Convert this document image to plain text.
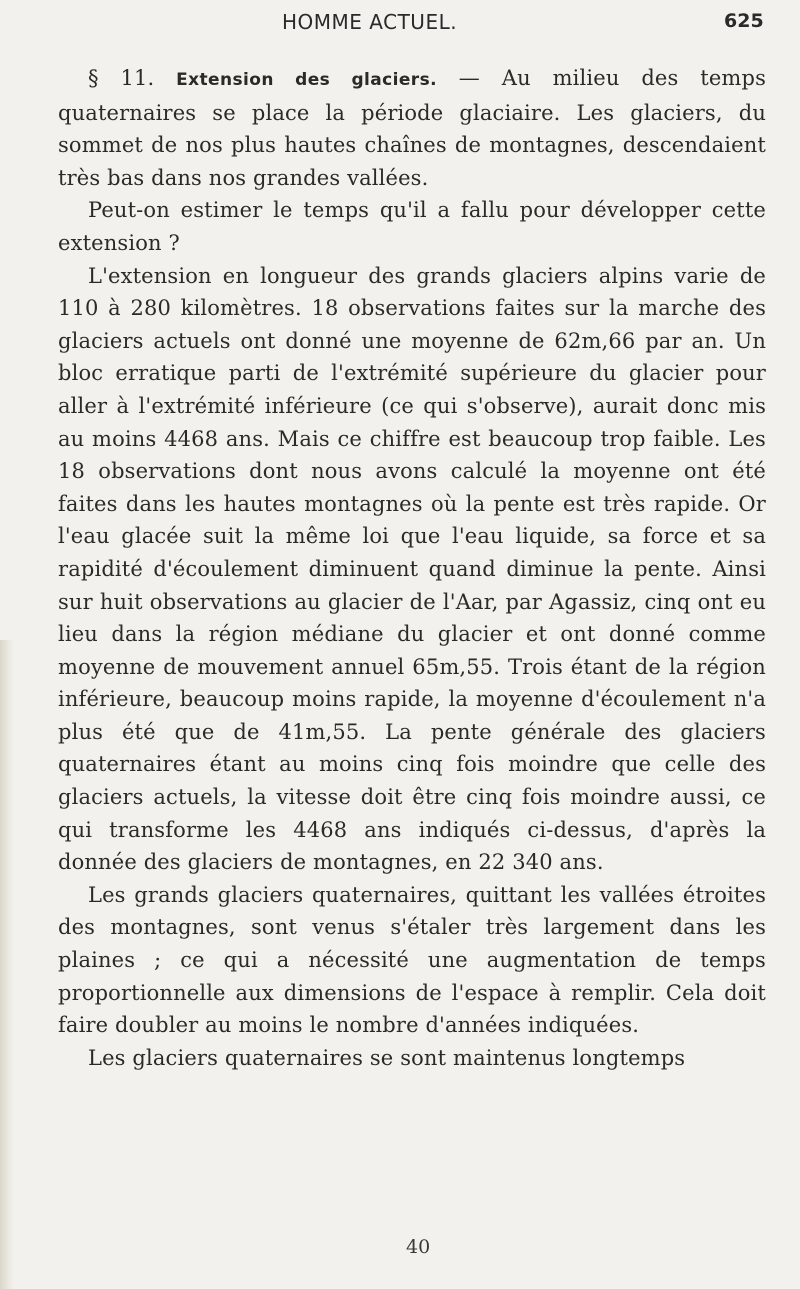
HOMME ACTUEL.	625

§ 11. Extension des glaciers. — Au milieu des temps quaternaires se place la période glaciaire. Les glaciers, du sommet de nos plus hautes chaînes de montagnes, descendaient très bas dans nos grandes vallées.

Peut-on estimer le temps qu'il a fallu pour développer cette extension ?

L'extension en longueur des grands glaciers alpins varie de 110 à 280 kilomètres. 18 observations faites sur la marche des glaciers actuels ont donné une moyenne de 62m,66 par an. Un bloc erratique parti de l'extrémité supérieure du glacier pour aller à l'extrémité inférieure (ce qui s'observe), aurait donc mis au moins 4468 ans. Mais ce chiffre est beaucoup trop faible. Les 18 observations dont nous avons calculé la moyenne ont été faites dans les hautes montagnes où la pente est très rapide. Or l'eau glacée suit la même loi que l'eau liquide, sa force et sa rapidité d'écoulement diminuent quand diminue la pente. Ainsi sur huit observations au glacier de l'Aar, par Agassiz, cinq ont eu lieu dans la région médiane du glacier et ont donné comme moyenne de mouvement annuel 65m,55. Trois étant de la région inférieure, beaucoup moins rapide, la moyenne d'écoulement n'a plus été que de 41m,55. La pente générale des glaciers quaternaires étant au moins cinq fois moindre que celle des glaciers actuels, la vitesse doit être cinq fois moindre aussi, ce qui transforme les 4468 ans indiqués ci-dessus, d'après la donnée des glaciers de montagnes, en 22 340 ans.

Les grands glaciers quaternaires, quittant les vallées étroites des montagnes, sont venus s'étaler très largement dans les plaines ; ce qui a nécessité une augmentation de temps proportionnelle aux dimensions de l'espace à remplir. Cela doit faire doubler au moins le nombre d'années indiquées.

Les glaciers quaternaires se sont maintenus longtemps

40
